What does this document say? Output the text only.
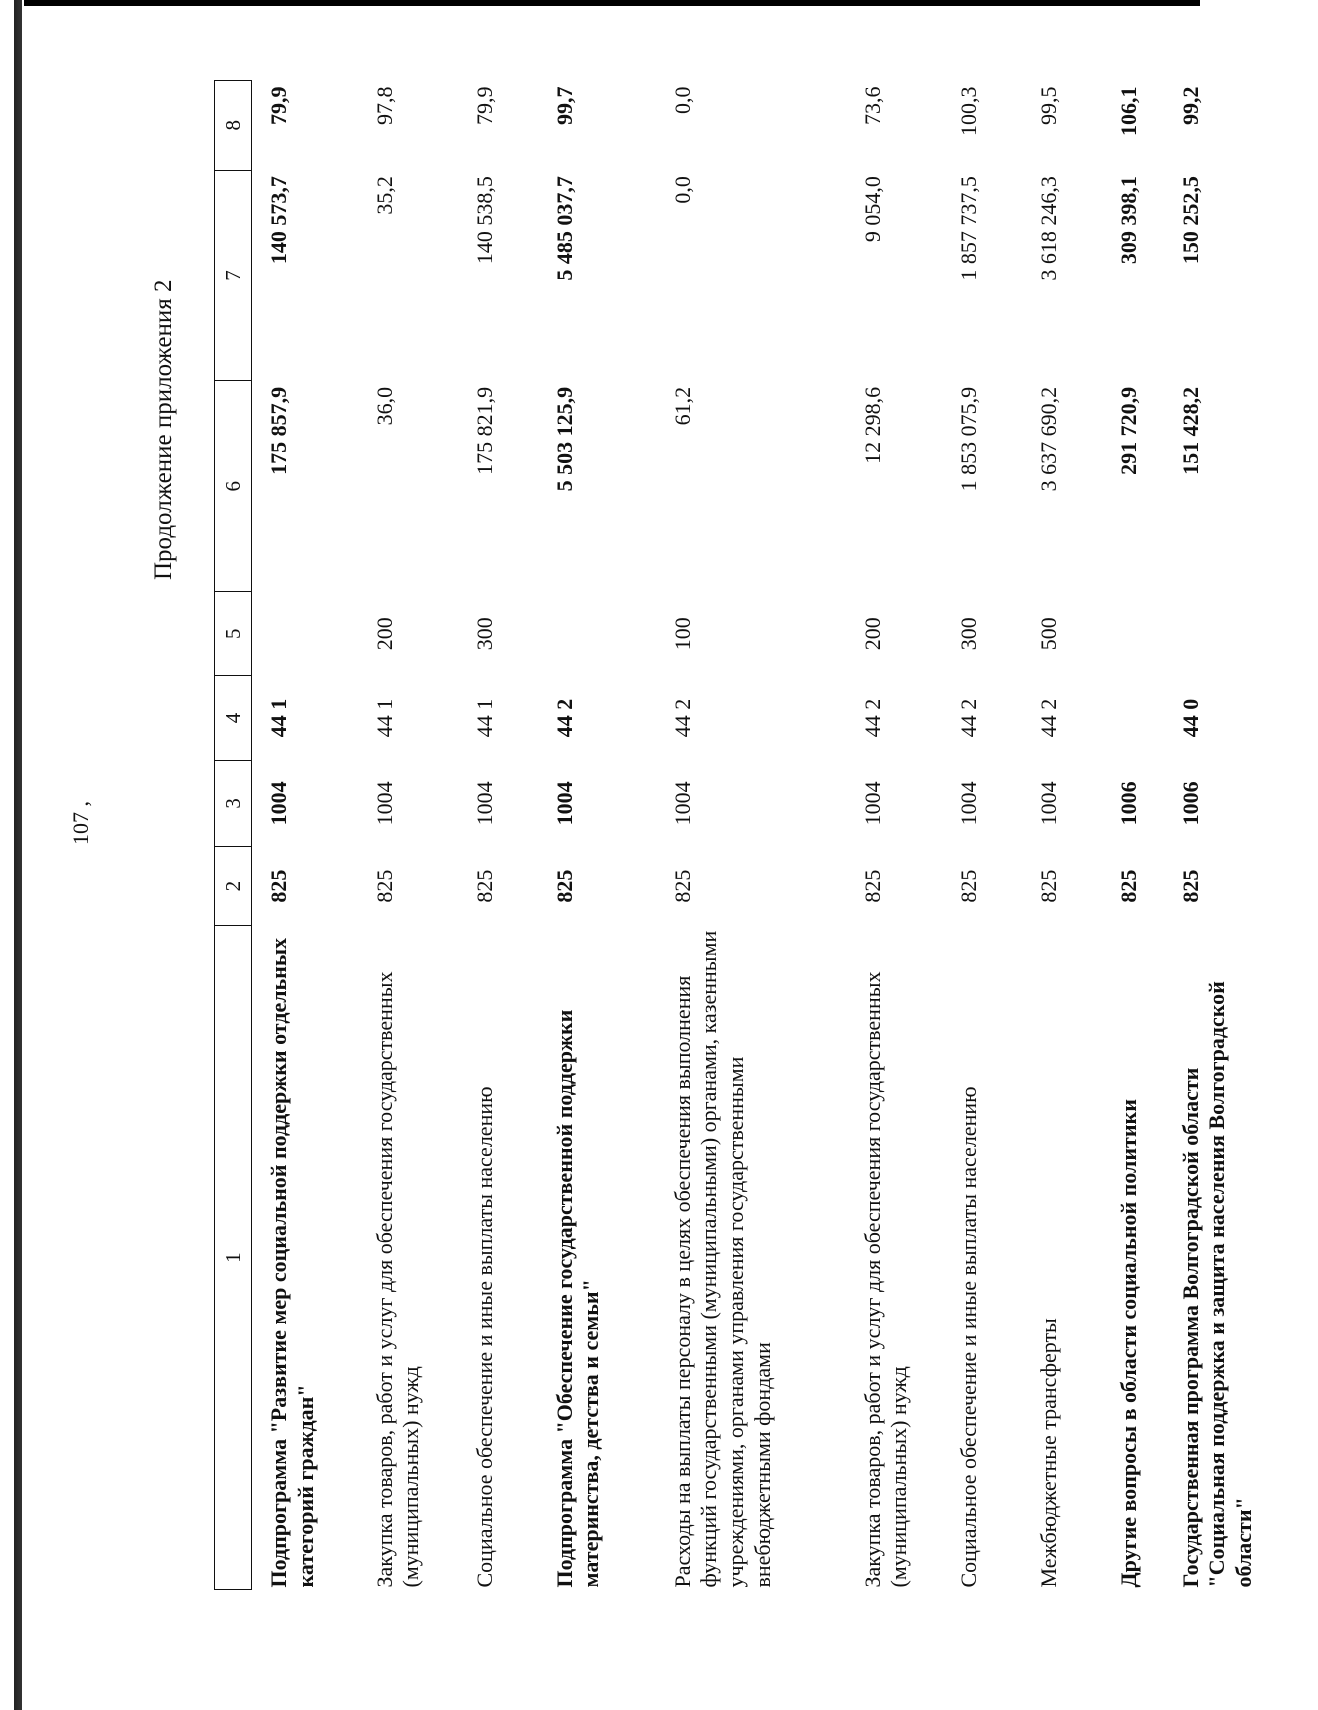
107 ,
Продолжение приложения 2
1	2	3	4	5	6	7	8
Подпрограмма "Развитие мер социальной поддержки отдельных категорий граждан"	825	1004	44 1		175 857,9	140 573,7	79,9
Закупка товаров, работ и услуг для обеспечения государственных (муниципальных) нужд	825	1004	44 1	200	36,0	35,2	97,8
Социальное обеспечение и иные выплаты населению	825	1004	44 1	300	175 821,9	140 538,5	79,9
Подпрограмма "Обеспечение государственной поддержки материнства, детства и семьи"	825	1004	44 2		5 503 125,9	5 485 037,7	99,7
Расходы на выплаты персоналу в целях обеспечения выполнения функций государственными (муниципальными) органами, казенными учреждениями, органами управления государственными внебюджетными фондами	825	1004	44 2	100	61,2	0,0	0,0
Закупка товаров, работ и услуг для обеспечения государственных (муниципальных) нужд	825	1004	44 2	200	12 298,6	9 054,0	73,6
Социальное обеспечение и иные выплаты населению	825	1004	44 2	300	1 853 075,9	1 857 737,5	100,3
Межбюджетные трансферты	825	1004	44 2	500	3 637 690,2	3 618 246,3	99,5
Другие вопросы в области социальной политики	825	1006			291 720,9	309 398,1	106,1
Государственная программа Волгоградской области "Социальная поддержка и защита населения Волгоградской области"	825	1006	44 0		151 428,2	150 252,5	99,2
